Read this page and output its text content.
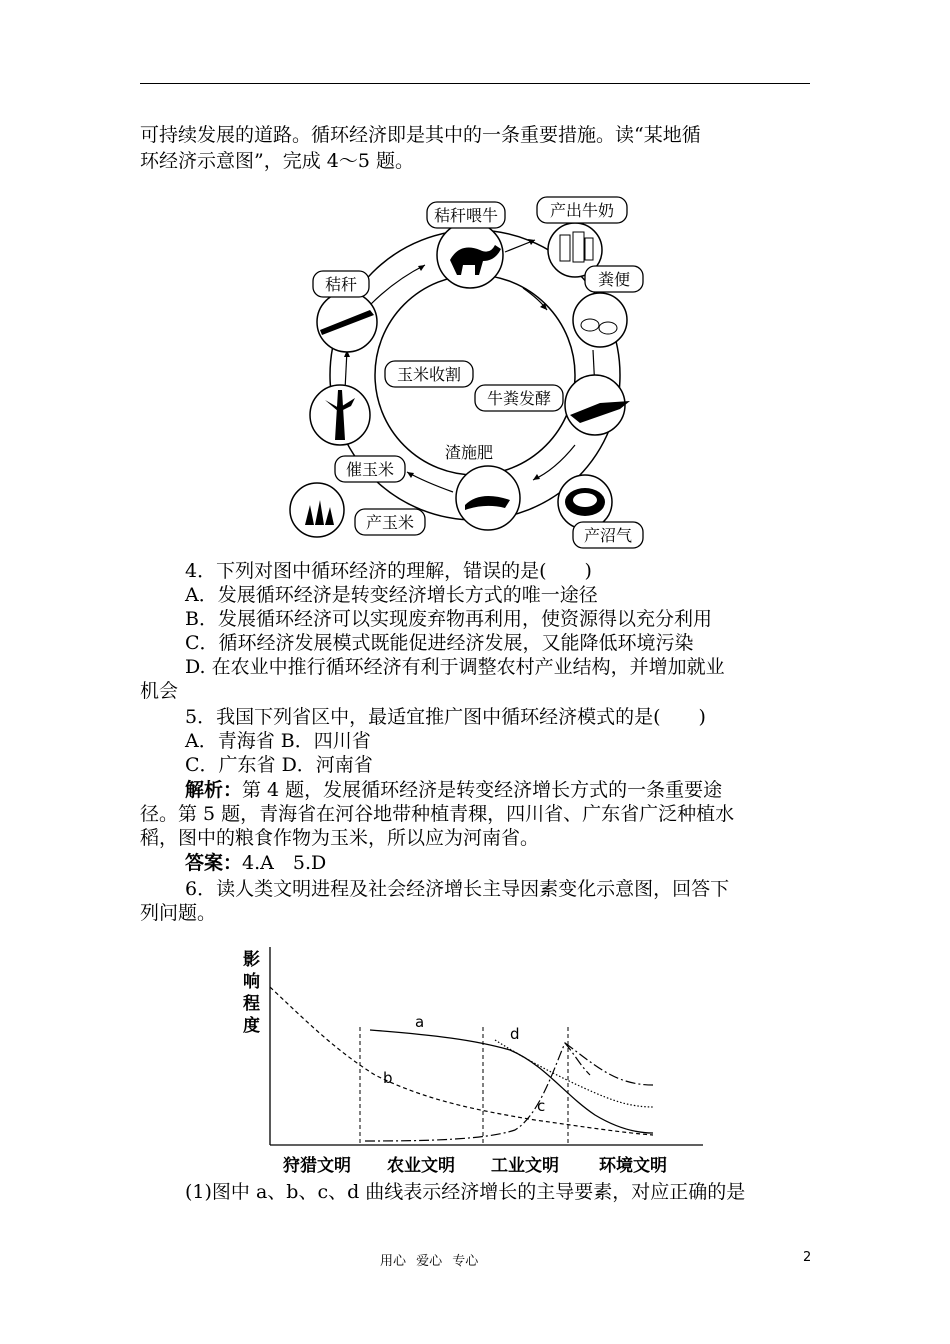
可持续发展的道路。循环经济即是其中的一条重要措施。读“某地循
环经济示意图”，完成 4～5 题。
秸秆喂牛	产出牛奶
粪便
秸秆
玉米收割
牛粪发酵
渣施肥
催玉米
产玉米
产沼气
4．下列对图中循环经济的理解，错误的是(　　)
A．发展循环经济是转变经济增长方式的唯一途径
B．发展循环经济可以实现废弃物再利用，使资源得以充分利用
C．循环经济发展模式既能促进经济发展，又能降低环境污染
D. 在农业中推行循环经济有利于调整农村产业结构，并增加就业
机会
5．我国下列省区中，最适宜推广图中循环经济模式的是(　　)
A．青海省 B．四川省
C．广东省 D．河南省
解析：第 4 题，发展循环经济是转变经济增长方式的一条重要途
径。第 5 题，青海省在河谷地带种植青稞，四川省、广东省广泛种植水
稻，图中的粮食作物为玉米，所以应为河南省。
答案：4.A　5.D
6．读人类文明进程及社会经济增长主导因素变化示意图，回答下
列问题。
影
响
程
度	a
b
c
d
狩猎文明 农业文明 工业文明 环境文明
(1)图中 a、b、c、d 曲线表示经济增长的主导要素，对应正确的是
用心 爱心 专心	2
